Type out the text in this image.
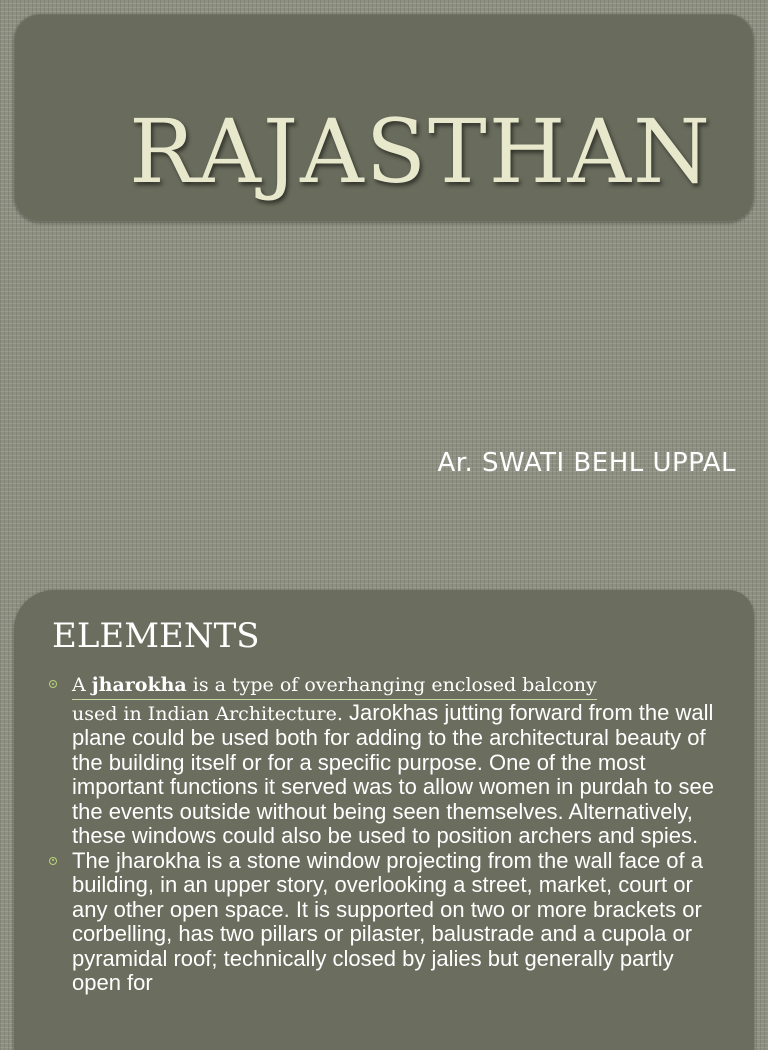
RAJASTHAN

Ar. SWATI BEHL UPPAL

ELEMENTS
A jharokha is a type of overhanging enclosed balcony
used in Indian Architecture. Jarokhas jutting forward from the wall plane could be used both for adding to the architectural beauty of the building itself or for a specific purpose. One of the most important functions it served was to allow women in purdah to see the events outside without being seen themselves. Alternatively, these windows could also be used to position archers and spies.
The jharokha is a stone window projecting from the wall face of a building, in an upper story, overlooking a street, market, court or any other open space. It is supported on two or more brackets or corbelling, has two pillars or pilaster, balustrade and a cupola or pyramidal roof; technically closed by jalies but generally partly open for
